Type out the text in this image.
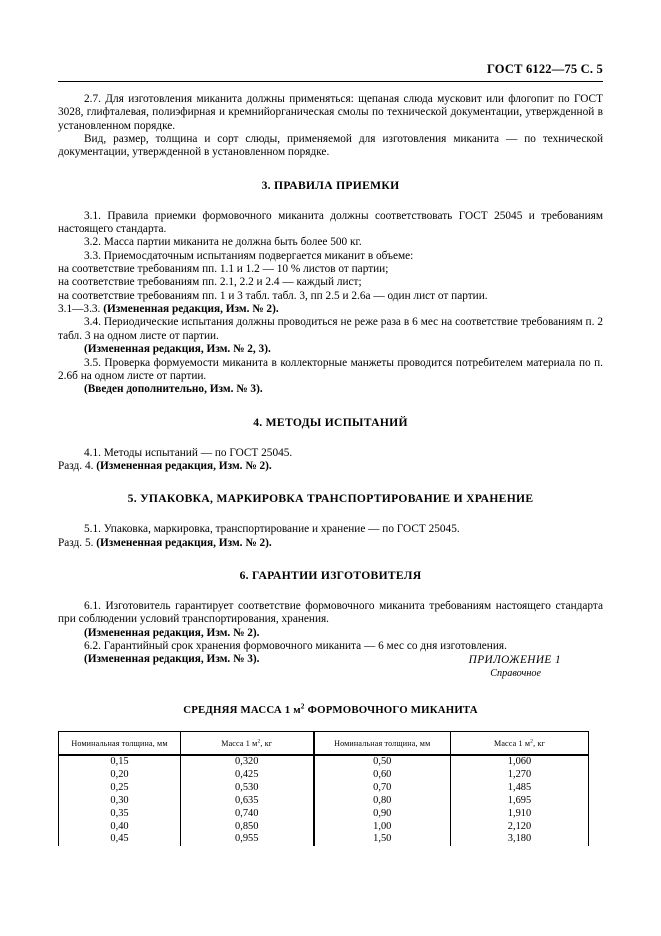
ГОСТ 6122—75 С. 5

2.7. Для изготовления миканита должны применяться: щепаная слюда мусковит или флогопит по ГОСТ 3028, глифталевая, полиэфирная и кремнийорганическая смолы по технической документации, утвержденной в установленном порядке.

Вид, размер, толщина и сорт слюды, применяемой для изготовления миканита — по технической документации, утвержденной в установленном порядке.

3. ПРАВИЛА ПРИЕМКИ

3.1. Правила приемки формовочного миканита должны соответствовать ГОСТ 25045 и требованиям настоящего стандарта.

3.2. Масса партии миканита не должна быть более 500 кг.

3.3. Приемосдаточным испытаниям подвергается миканит в объеме:

на соответствие требованиям пп. 1.1 и 1.2 — 10 % листов от партии;

на соответствие требованиям пп. 2.1, 2.2 и 2.4 — каждый лист;

на соответствие требованиям пп. 1 и 3 табл. табл. 3, пп 2.5 и 2.6а — один лист от партии.

3.1—3.3. (Измененная редакция, Изм. № 2).

3.4. Периодические испытания должны проводиться не реже раза в 6 мес на соответствие требованиям п. 2 табл. 3 на одном листе от партии.

(Измененная редакция, Изм. № 2, 3).

3.5. Проверка формуемости миканита в коллекторные манжеты проводится потребителем материала по п. 2.6б на одном листе от партии.

(Введен дополнительно, Изм. № 3).

4. МЕТОДЫ ИСПЫТАНИЙ

4.1. Методы испытаний — по ГОСТ 25045.

Разд. 4. (Измененная редакция, Изм. № 2).

5. УПАКОВКА, МАРКИРОВКА ТРАНСПОРТИРОВАНИЕ И ХРАНЕНИЕ

5.1. Упаковка, маркировка, транспортирование и хранение — по ГОСТ 25045.

Разд. 5. (Измененная редакция, Изм. № 2).

6. ГАРАНТИИ ИЗГОТОВИТЕЛЯ

6.1. Изготовитель гарантирует соответствие формовочного миканита требованиям настоящего стандарта при соблюдении условий транспортирования, хранения.

(Измененная редакция, Изм. № 2).

6.2. Гарантийный срок хранения формовочного миканита — 6 мес со дня изготовления.

(Измененная редакция, Изм. № 3).	ПРИЛОЖЕНИЕ 1
Справочное
СРЕДНЯЯ МАССА 1 $м^2$ ФОРМОВОЧНОГО МИКАНИТА
Номинальная толщина, мм	Масса 1 $м^2$, кг	Номинальная толщина, мм	Масса 1 $м^2$, кг
0,15	0,320	0,50	1,060
0,20	0,425	0,60	1,270
0,25	0,530	0,70	1,485
0,30	0,635	0,80	1,695
0,35	0,740	0,90	1,910
0,40	0,850	1,00	2,120
0,45	0,955	1,50	3,180
